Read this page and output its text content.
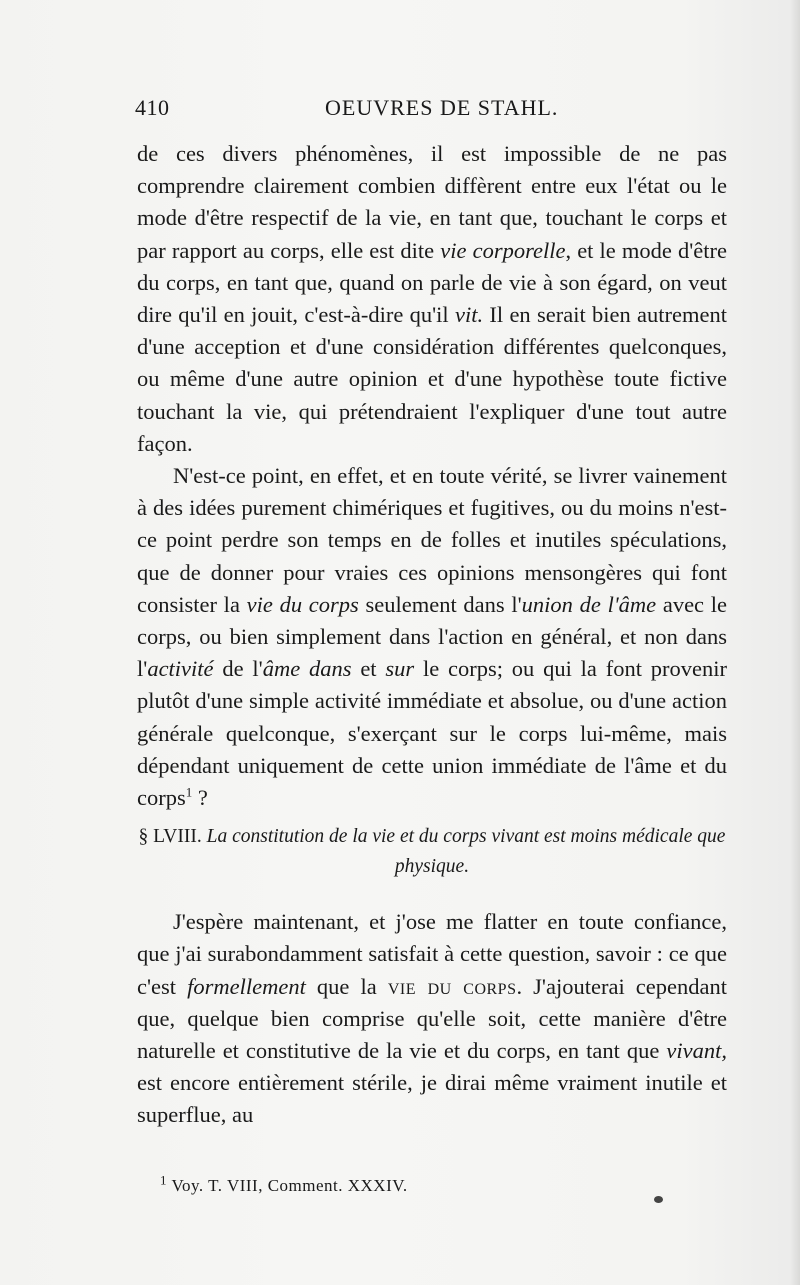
410	OEUVRES DE STAHL.

de ces divers phénomènes, il est impossible de ne pas comprendre clairement combien diffèrent entre eux l'état ou le mode d'être respectif de la vie, en tant que, touchant le corps et par rapport au corps, elle est dite vie corporelle, et le mode d'être du corps, en tant que, quand on parle de vie à son égard, on veut dire qu'il en jouit, c'est-à-dire qu'il vit. Il en serait bien autrement d'une acception et d'une considération différentes quelconques, ou même d'une autre opinion et d'une hypothèse toute fictive touchant la vie, qui prétendraient l'expliquer d'une tout autre façon.

N'est-ce point, en effet, et en toute vérité, se livrer vainement à des idées purement chimériques et fugitives, ou du moins n'est-ce point perdre son temps en de folles et inutiles spéculations, que de donner pour vraies ces opinions mensongères qui font consister la vie du corps seulement dans l'union de l'âme avec le corps, ou bien simplement dans l'action en général, et non dans l'activité de l'âme dans et sur le corps; ou qui la font provenir plutôt d'une simple activité immédiate et absolue, ou d'une action générale quelconque, s'exerçant sur le corps lui-même, mais dépendant uniquement de cette union immédiate de l'âme et du corps$^1$ ?

§ LVIII. La constitution de la vie et du corps vivant est moins médicale que physique.

J'espère maintenant, et j'ose me flatter en toute confiance, que j'ai surabondamment satisfait à cette question, savoir : ce que c'est formellement que la vie du corps. J'ajouterai cependant que, quelque bien comprise qu'elle soit, cette manière d'être naturelle et constitutive de la vie et du corps, en tant que vivant, est encore entièrement stérile, je dirai même vraiment inutile et superflue, au

$^1$ Voy. T. VIII, Comment. XXXIV.
